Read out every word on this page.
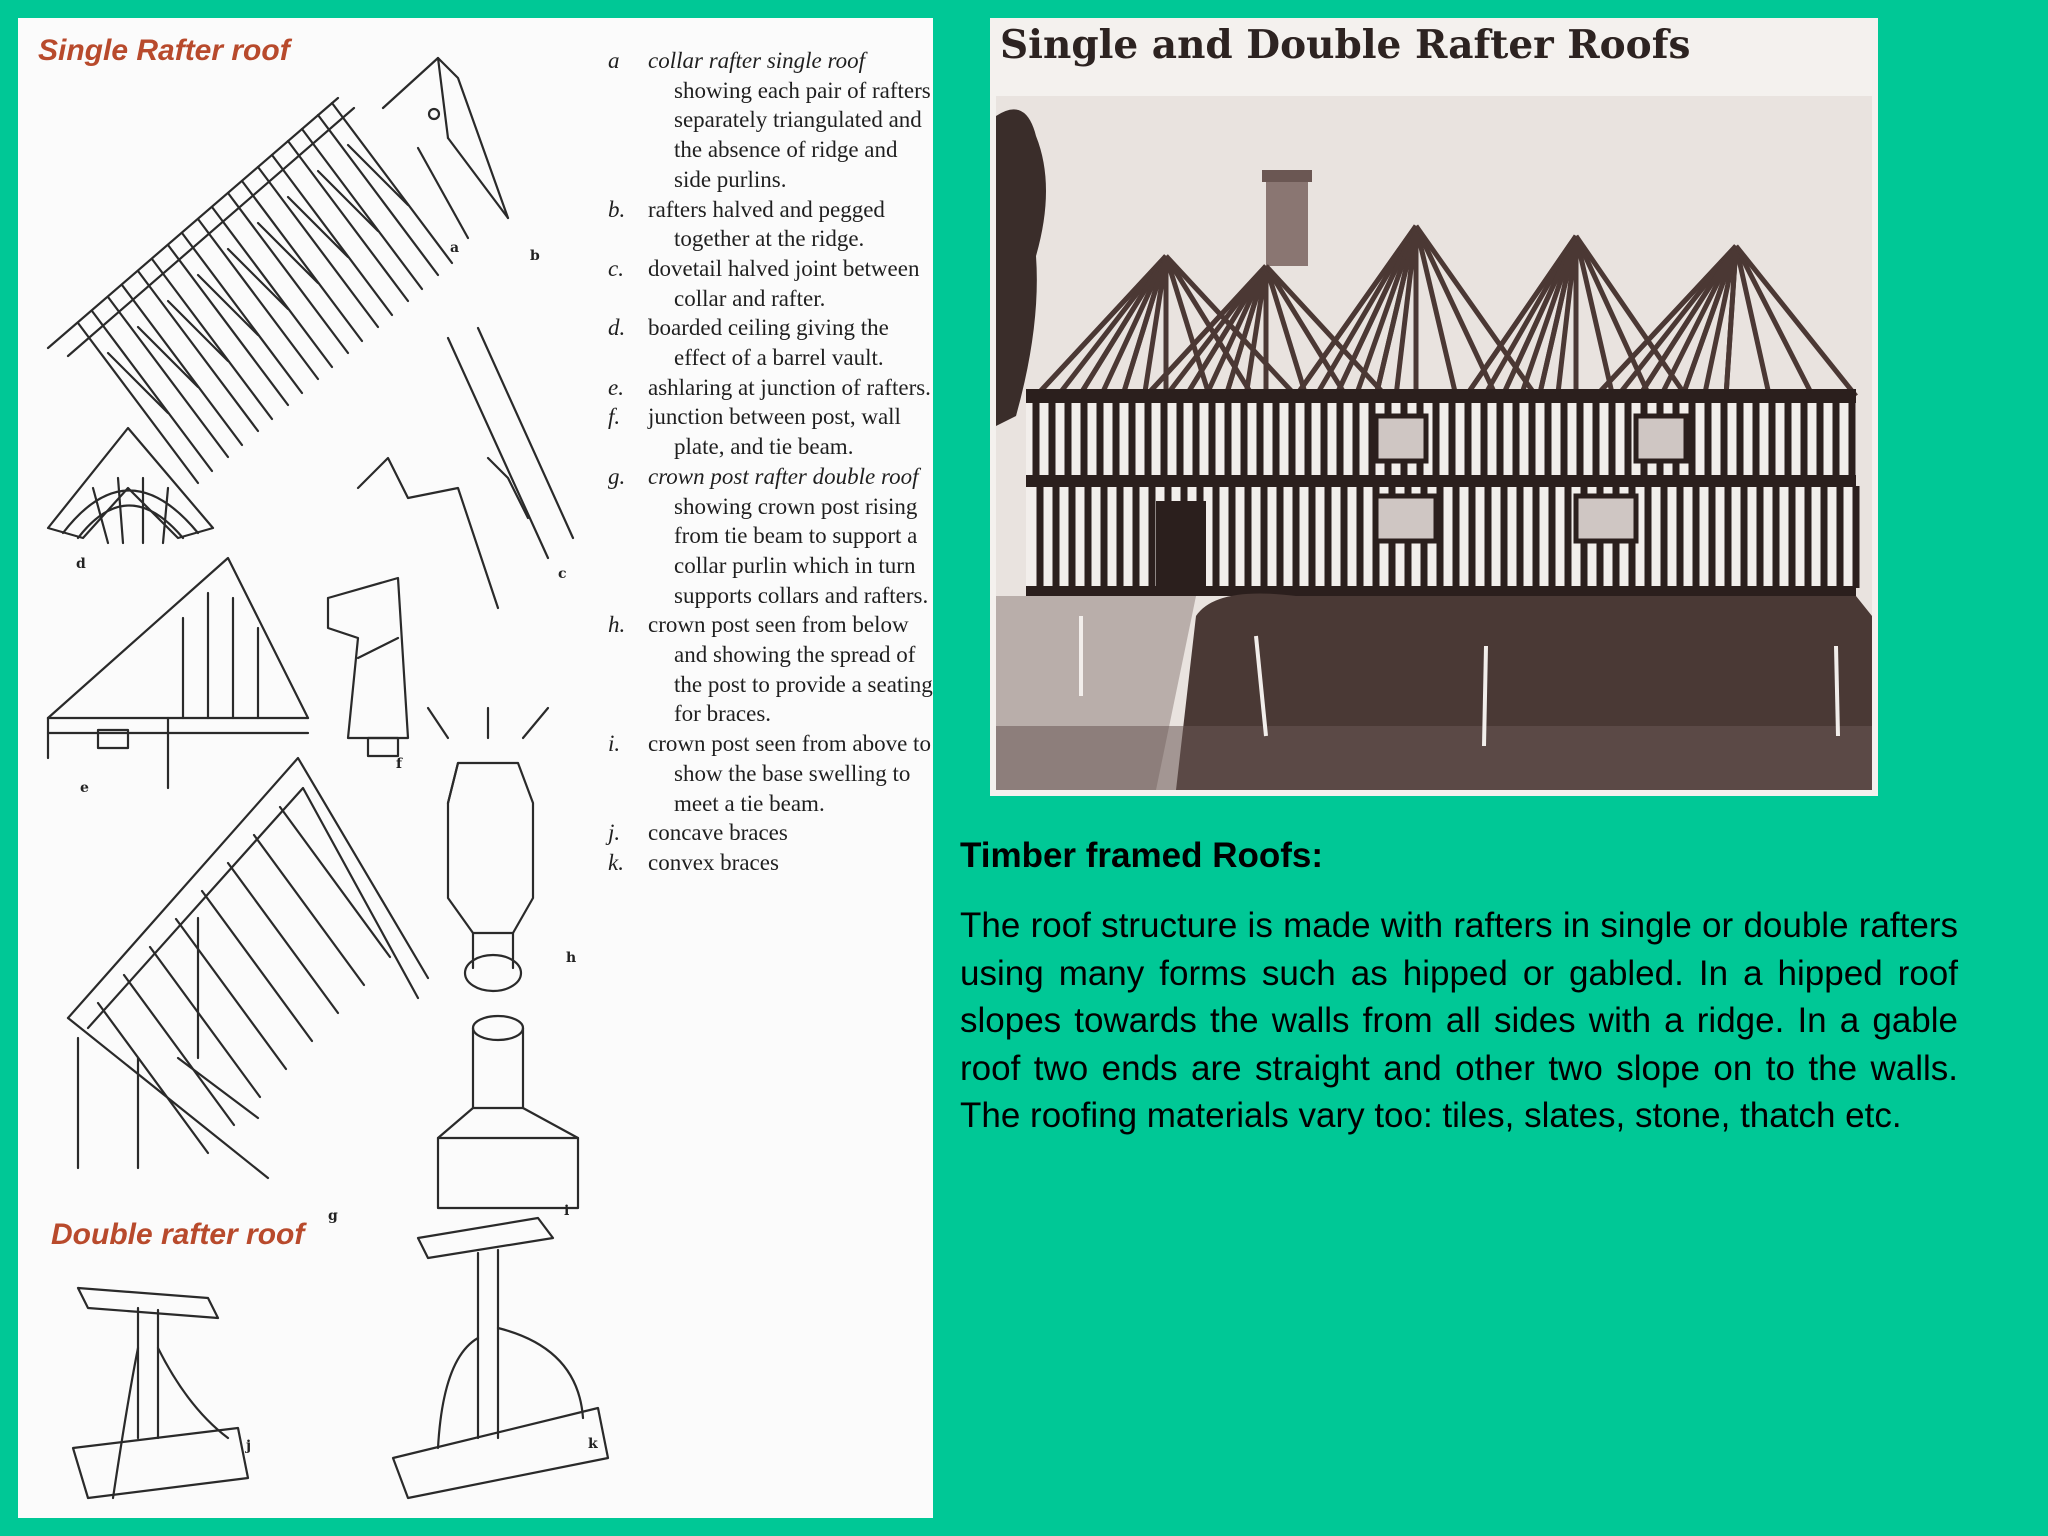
Single Rafter roof

Double rafter roof

a	b
c
d
e
f
g
h
i
j	k
a collar rafter single roof showing each pair of rafters separately triangulated and the absence of ridge and side purlins.
b. rafters halved and pegged together at the ridge.
c. dovetail halved joint between collar and rafter.
d. boarded ceiling giving the effect of a barrel vault.
e. ashlaring at junction of rafters.
f. junction between post, wall plate, and tie beam.
g. crown post rafter double roof showing crown post rising from tie beam to support a collar purlin which in turn supports collars and rafters.
h. crown post seen from below and showing the spread of the post to provide a seating for braces.
i. crown post seen from above to show the base swelling to meet a tie beam.
j. concave braces
k. convex braces
Single and Double Rafter Roofs
Timber framed Roofs:

The roof structure is made with rafters in single or double rafters using many forms such as hipped or gabled. In a hipped roof slopes towards the walls from all sides with a ridge. In a gable roof two ends are straight and other two slope on to the walls. The roofing materials vary too: tiles, slates, stone, thatch etc.
